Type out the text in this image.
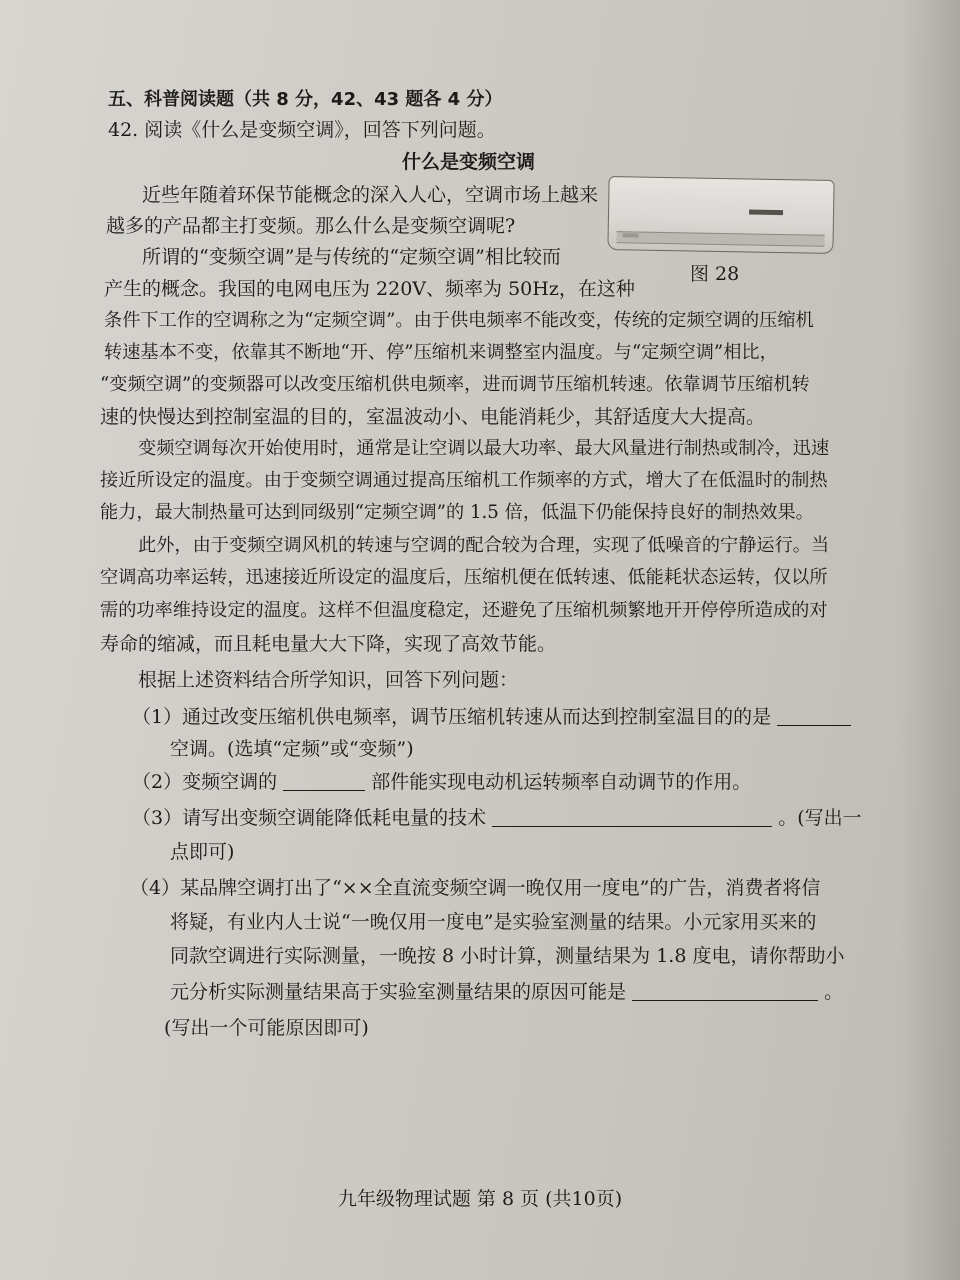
五、科普阅读题（共 8 分，42、43 题各 4 分）
42. 阅读《什么是变频空调》，回答下列问题。
什么是变频空调
图 28
近些年随着环保节能概念的深入人心，空调市场上越来
越多的产品都主打变频。那么什么是变频空调呢?
所谓的“变频空调”是与传统的“定频空调”相比较而
产生的概念。我国的电网电压为 220V、频率为 50Hz，在这种
条件下工作的空调称之为“定频空调”。由于供电频率不能改变，传统的定频空调的压缩机
转速基本不变，依靠其不断地“开、停”压缩机来调整室内温度。与“定频空调”相比，
“变频空调”的变频器可以改变压缩机供电频率，进而调节压缩机转速。依靠调节压缩机转
速的快慢达到控制室温的目的，室温波动小、电能消耗少，其舒适度大大提高。
变频空调每次开始使用时，通常是让空调以最大功率、最大风量进行制热或制冷，迅速
接近所设定的温度。由于变频空调通过提高压缩机工作频率的方式，增大了在低温时的制热
能力，最大制热量可达到同级别“定频空调”的 1.5 倍，低温下仍能保持良好的制热效果。
此外，由于变频空调风机的转速与空调的配合较为合理，实现了低噪音的宁静运行。当
空调高功率运转，迅速接近所设定的温度后，压缩机便在低转速、低能耗状态运转，仅以所
需的功率维持设定的温度。这样不但温度稳定，还避免了压缩机频繁地开开停停所造成的对
寿命的缩减，而且耗电量大大下降，实现了高效节能。
根据上述资料结合所学知识，回答下列问题：
（1）通过改变压缩机供电频率，调节压缩机转速从而达到控制室温目的的是
空调。(选填“定频”或“变频”)
（2）变频空调的	部件能实现电动机运转频率自动调节的作用。
（3）请写出变频空调能降低耗电量的技术	。(写出一
点即可)
（4）某品牌空调打出了“××全直流变频空调一晚仅用一度电”的广告，消费者将信
将疑，有业内人士说“一晚仅用一度电”是实验室测量的结果。小元家用买来的
同款空调进行实际测量，一晚按 8 小时计算，测量结果为 1.8 度电，请你帮助小
元分析实际测量结果高于实验室测量结果的原因可能是	。
(写出一个可能原因即可)
九年级物理试题 第 8 页 (共10页)
